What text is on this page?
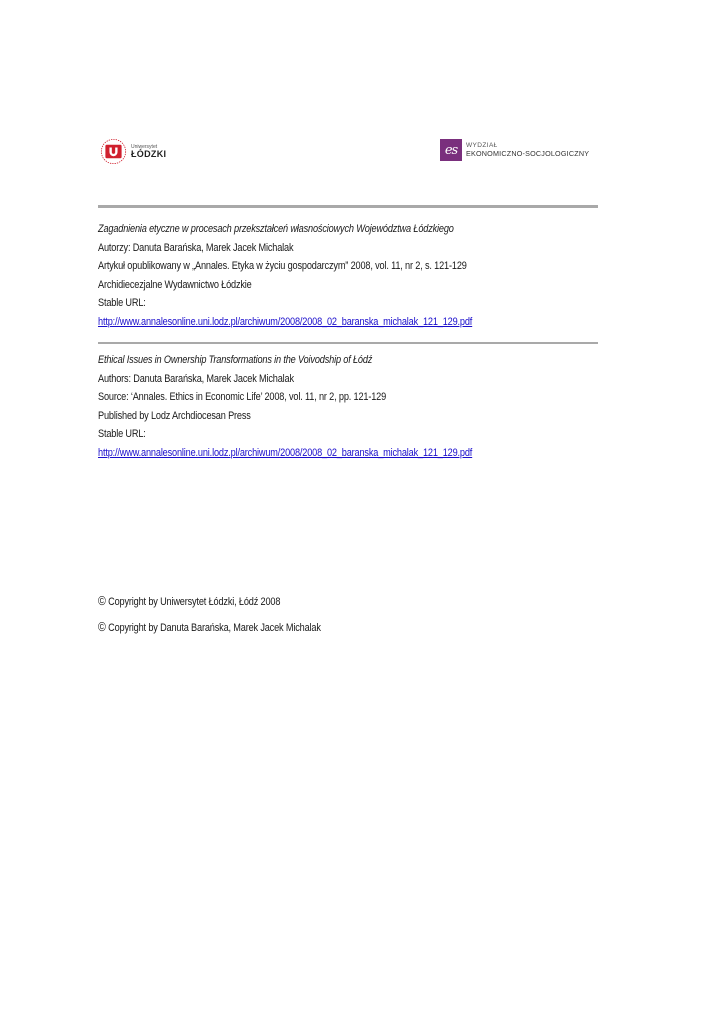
Uniwersytet
ŁÓDZKI	es	WYDZIAŁ
EKONOMICZNO-SOCJOLOGICZNY
Zagadnienia etyczne w procesach przekształceń własnościowych Województwa Łódzkiego
Autorzy: Danuta Barańska, Marek Jacek Michalak
Artykuł opublikowany w „Annales. Etyka w życiu gospodarczym” 2008, vol. 11, nr 2, s. 121-129
Archidiecezjalne Wydawnictwo Łódzkie
Stable URL:
http://www.annalesonline.uni.lodz.pl/archiwum/2008/2008_02_baranska_michalak_121_129.pdf
Ethical Issues in Ownership Transformations in the Voivodship of Łódź
Authors: Danuta Barańska, Marek Jacek Michalak
Source: ‘Annales. Ethics in Economic Life’ 2008, vol. 11, nr 2, pp. 121-129
Published by Lodz Archdiocesan Press
Stable URL:
http://www.annalesonline.uni.lodz.pl/archiwum/2008/2008_02_baranska_michalak_121_129.pdf
© Copyright by Uniwersytet Łódzki, Łódź 2008
© Copyright by Danuta Barańska, Marek Jacek Michalak
